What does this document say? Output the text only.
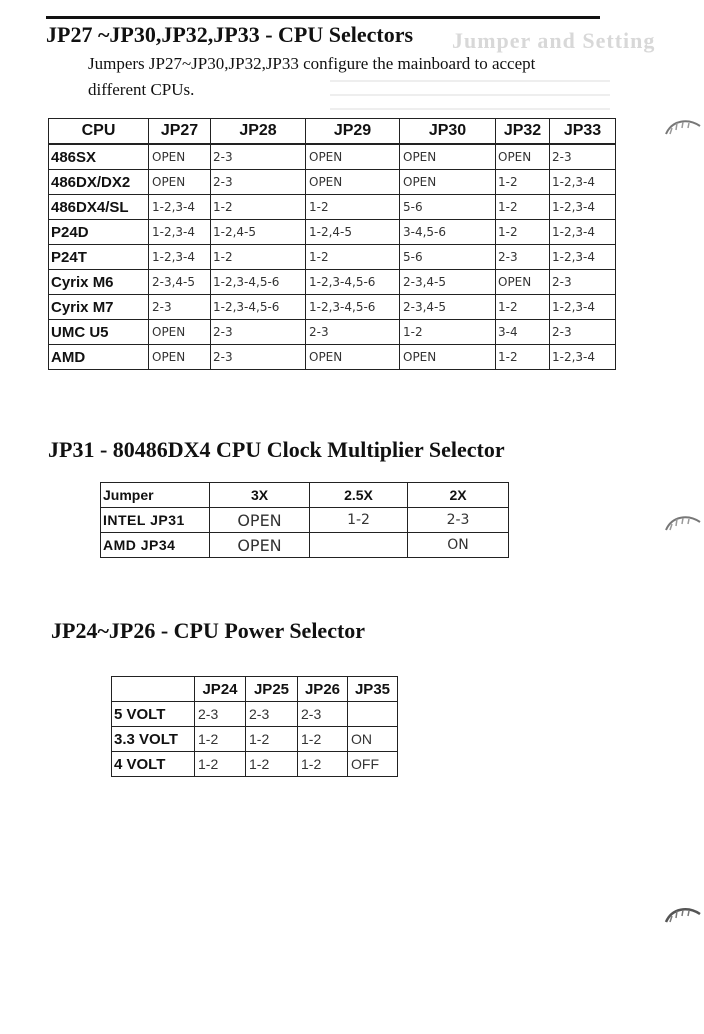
Jumper and Setting
JP27 ~JP30,JP32,JP33 - CPU Selectors

Jumpers JP27~JP30,JP32,JP33 configure the mainboard to accept different CPUs.

CPU	JP27	JP28	JP29	JP30	JP32	JP33
486SX	OPEN	2-3	OPEN	OPEN	OPEN	2-3
486DX/DX2	OPEN	2-3	OPEN	OPEN	1-2	1-2,3-4
486DX4/SL	1-2,3-4	1-2	1-2	5-6	1-2	1-2,3-4
P24D	1-2,3-4	1-2,4-5	1-2,4-5	3-4,5-6	1-2	1-2,3-4
P24T	1-2,3-4	1-2	1-2	5-6	2-3	1-2,3-4
Cyrix M6	2-3,4-5	1-2,3-4,5-6	1-2,3-4,5-6	2-3,4-5	OPEN	2-3
Cyrix M7	2-3	1-2,3-4,5-6	1-2,3-4,5-6	2-3,4-5	1-2	1-2,3-4
UMC U5	OPEN	2-3	2-3	1-2	3-4	2-3
AMD	OPEN	2-3	OPEN	OPEN	1-2	1-2,3-4
JP31 - 80486DX4 CPU Clock Multiplier Selector
Jumper	3X	2.5X	2X
INTEL JP31	OPEN	1-2	2-3
AMD JP34	OPEN		ON
JP24~JP26 - CPU Power Selector
	JP24	JP25	JP26	JP35
5 VOLT	2-3	2-3	2-3	
3.3 VOLT	1-2	1-2	1-2	ON
4 VOLT	1-2	1-2	1-2	OFF
